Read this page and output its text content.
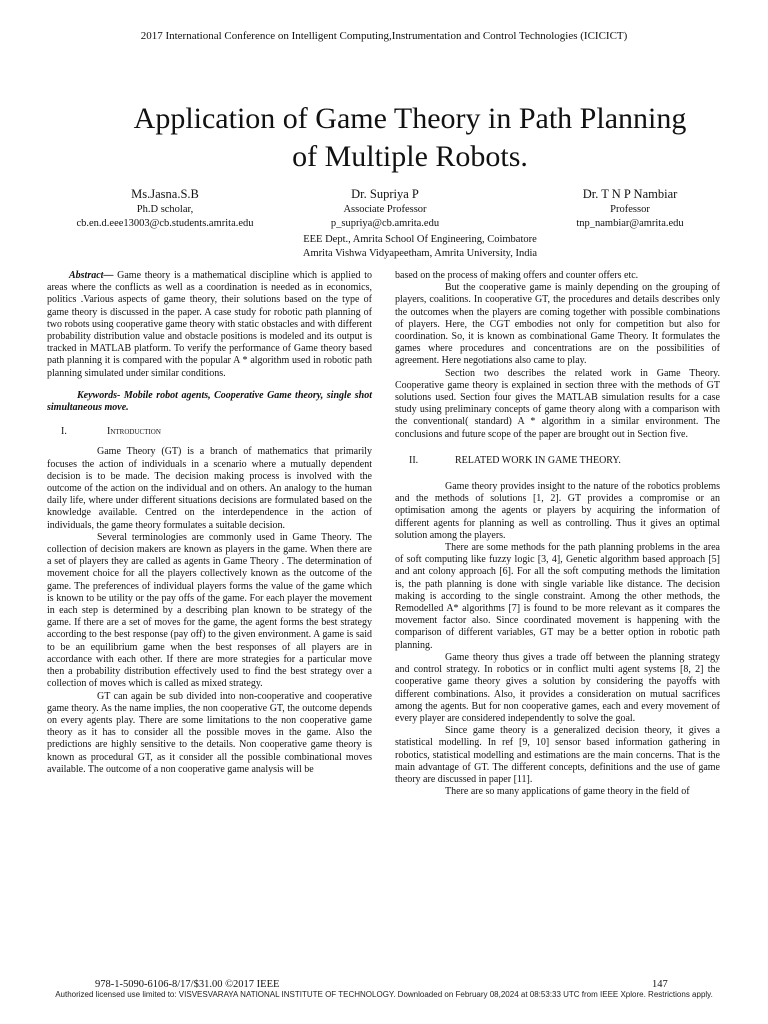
2017 International Conference on Intelligent Computing,Instrumentation and Control Technologies (ICICICT)
Application of Game Theory in Path Planning
of Multiple Robots.
Ms.Jasna.S.B
Ph.D scholar,
cb.en.d.eee13003@cb.students.amrita.edu
Dr. Supriya P
Associate Professor
p_supriya@cb.amrita.edu
Dr. T N P Nambiar
Professor
tnp_nambiar@amrita.edu
EEE Dept., Amrita School Of Engineering, Coimbatore
Amrita Vishwa Vidyapeetham, Amrita University, India

Abstract— Game theory is a mathematical discipline which is applied to areas where the conflicts as well as a coordination is needed as in economics, politics .Various aspects of game theory, their solutions based on the type of game theory is discussed in the paper. A case study for robotic path planning of two robots using cooperative game theory with static obstacles and with different probability distribution value and obstacle positions is modeled and its output is tracked in MATLAB platform. To verify the performance of Game theory based path planning it is compared with the popular A * algorithm used in robotic path planning simulated under similar conditions.

Keywords- Mobile robot agents, Cooperative Game theory, single shot simultaneous move.

I.	Introduction

Game Theory (GT) is a branch of mathematics that primarily focuses the action of individuals in a scenario where a mutually dependent decision is to be made. The decision making process is involved with the outcome of the action on the individual and on others. An analogy to the human daily life, where under different situations decisions are formulated based on the knowledge available. Centred on the interdependence in the action of individuals, the game theory formulates a suitable decision.

Several terminologies are commonly used in Game Theory. The collection of decision makers are known as players in the game. When there are a set of players they are called as agents in Game Theory . The determination of movement choice for all the players collectively known as the outcome of the game. The preferences of individual players forms the value of the game which is known to be utility or the pay offs of the game. For each player the movement in each step is determined by a describing plan known to be strategy of the game. If there are a set of moves for the game, the agent forms the best strategy according to the best response (pay off) to the given environment. A game is said to be an equilibrium game when the best responses of all players are in accordance with each other. If there are more strategies for a particular move then a probability distribution effectively used to find the best strategy over a collection of moves which is called as mixed strategy.

GT can again be sub divided into non-cooperative and cooperative game theory. As the name implies, the non cooperative GT, the outcome depends on every agents play. There are some limitations to the non cooperative game theory as it has to consider all the possible moves in the game. Also the predictions are highly sensitive to the details. Non cooperative game theory is known as procedural GT, as it consider all the possible combinational moves available. The outcome of a non cooperative game analysis will be

based on the process of making offers and counter offers etc.

But the cooperative game is mainly depending on the grouping of players, coalitions. In cooperative GT, the procedures and details describes only the outcomes when the players are coming together with possible combinations of players. Here, the CGT embodies not only for competition but also for coordination. So, it is known as combinational Game Theory. It formulates the games where procedures and concentrations are on the possibilities of agreement. Here negotiations also came to play.

Section two describes the related work in Game Theory. Cooperative game theory is explained in section three with the methods of GT solutions used. Section four gives the MATLAB simulation results for a case study using preliminary concepts of game theory along with a comparison with the conventional( standard) A * algorithm in a similar environment. The conclusions and future scope of the paper are brought out in Section five.

II.	RELATED WORK IN GAME THEORY.

Game theory provides insight to the nature of the robotics problems and the methods of solutions [1, 2]. GT provides a compromise or an optimisation among the agents or players by acquiring the information of different agents for planning as well as controlling. Thus it gives an optimal solution among the players.

There are some methods for the path planning problems in the area of soft computing like fuzzy logic [3, 4], Genetic algorithm based approach [5] and ant colony approach [6]. For all the soft computing methods the limitation is, the path planning is done with single variable like distance. The decision making is according to the single constraint. Among the other methods, the Remodelled A* algorithms [7] is found to be more relevant as it compares the movement factor also. Since coordinated movement is happening with the comparison of different variables, GT may be a better option in robotic path planning.

Game theory thus gives a trade off between the planning strategy and control strategy. In robotics or in conflict multi agent systems [8, 2] the cooperative game theory gives a solution by considering the payoffs with different combinations. Also, it provides a consideration on mutual sacrifices among the agents. But for non cooperative games, each and every movement of every player are considered independently to solve the goal.

Since game theory is a generalized decision theory, it gives a statistical modelling. In ref [9, 10] sensor based information gathering in robotics, statistical modelling and estimations are the main concerns. That is the main advantage of GT. The different concepts, definitions and the use of game theory are discussed in paper [11].

There are so many applications of game theory in the field of

978-1-5090-6106-8/17/$31.00 ©2017 IEEE	147
Authorized licensed use limited to: VISVESVARAYA NATIONAL INSTITUTE OF TECHNOLOGY. Downloaded on February 08,2024 at 08:53:33 UTC from IEEE Xplore. Restrictions apply.
